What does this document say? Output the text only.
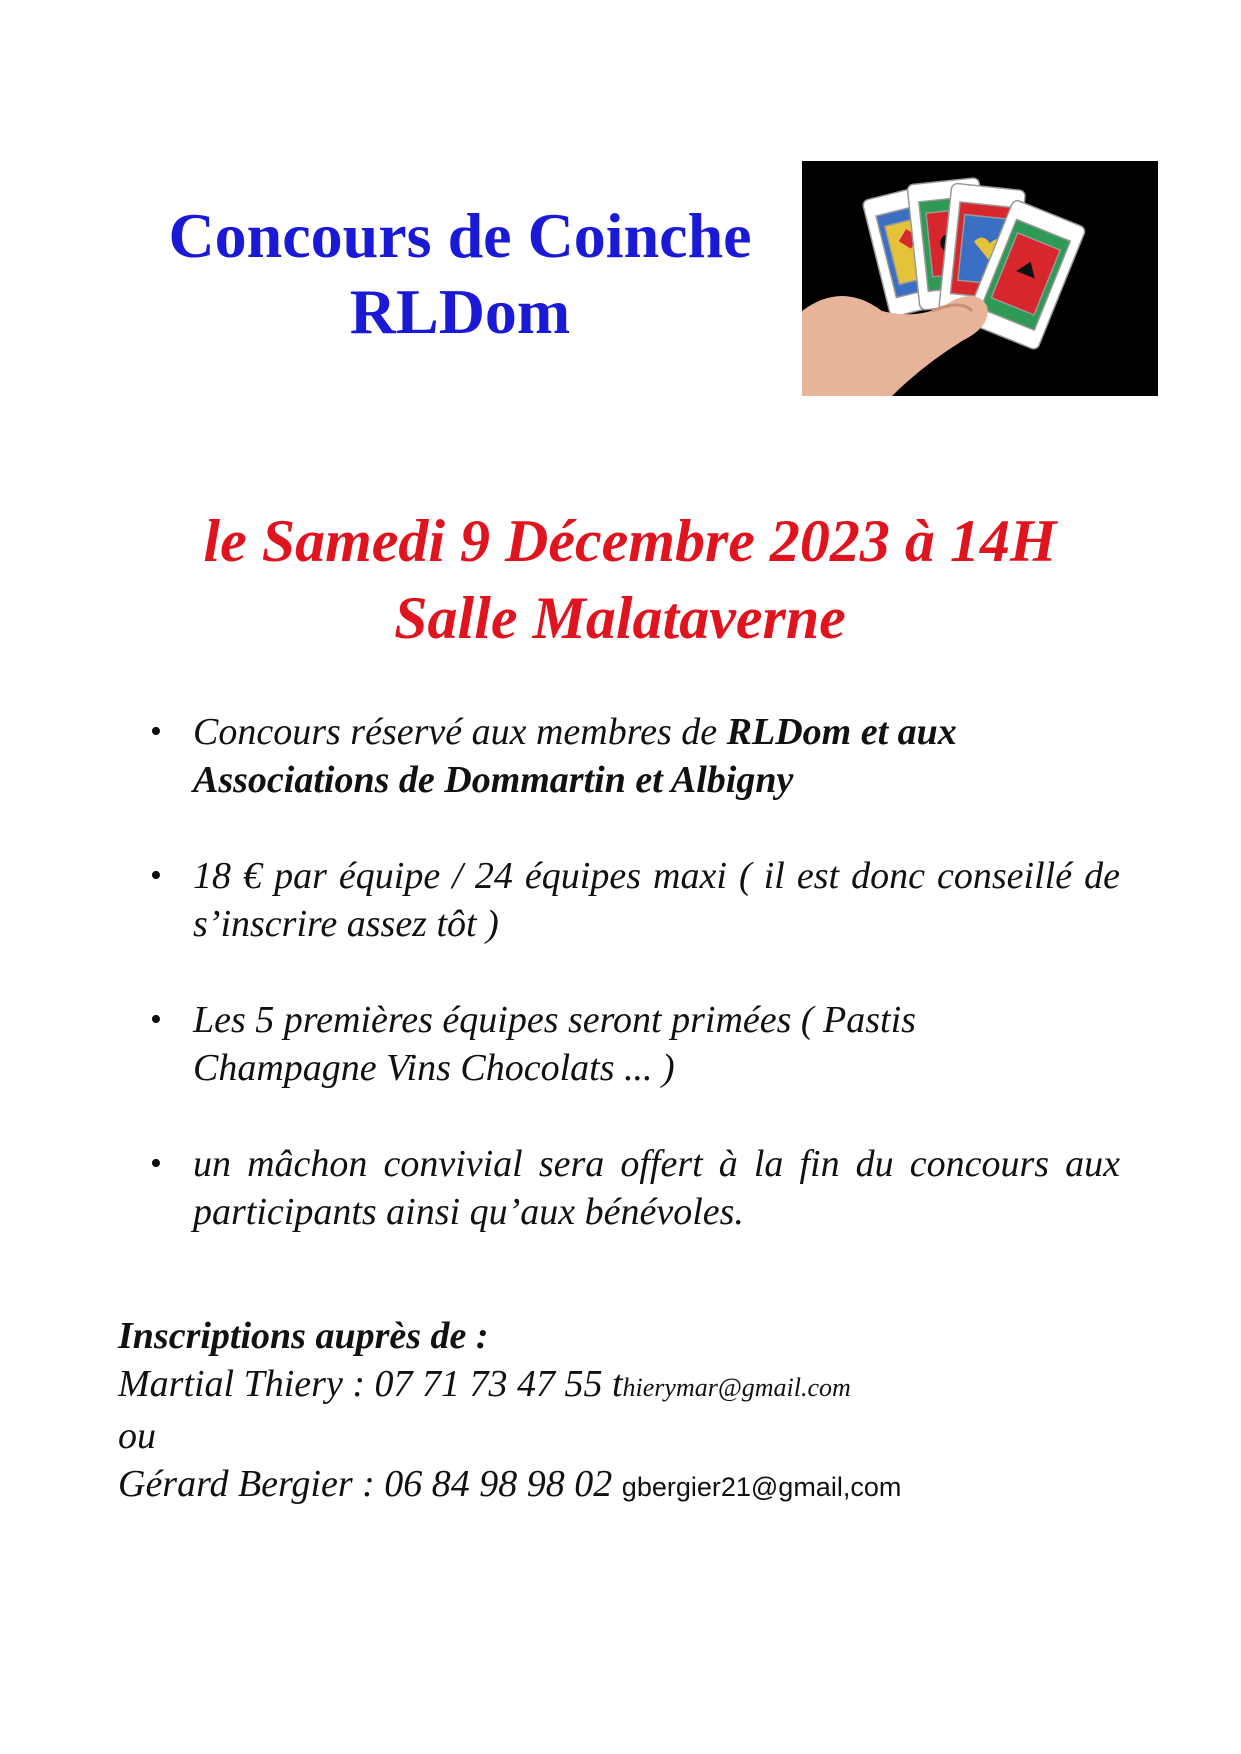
Concours de Coinche
RLDom
le Samedi 9 Décembre 2023 à 14H
Salle Malataverne
• Concours réservé aux membres de RLDom et aux
Associations de Dommartin et Albigny
• 18 € par équipe / 24 équipes maxi ( il est donc conseillé de s’inscrire assez tôt )
• Les 5 premières équipes seront primées ( Pastis
Champagne Vins Chocolats ... )
• un mâchon convivial sera offert à la fin du concours aux participants ainsi qu’aux bénévoles.
Inscriptions auprès de :
Martial Thiery : 07 71 73 47 55 thierymar@gmail.com
ou
Gérard Bergier : 06 84 98 98 02 gbergier21@gmail,com
